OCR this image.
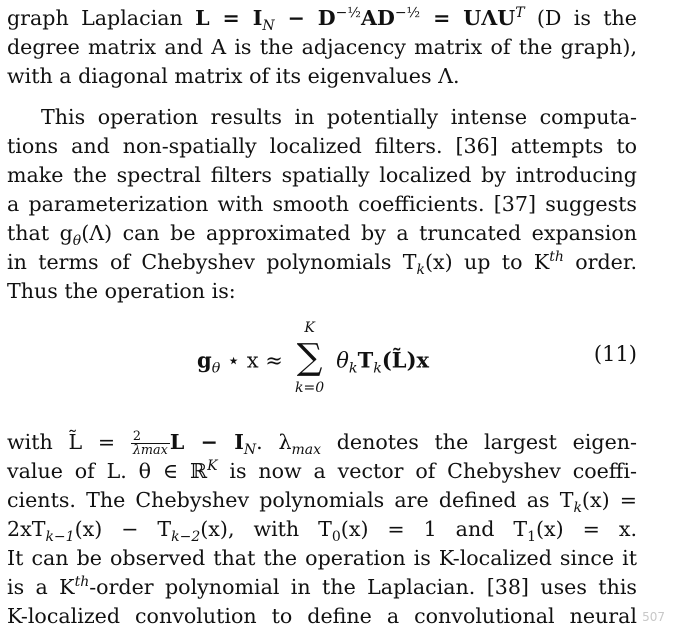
graph Laplacian $L = I_N - D^{-\frac{1}{2}}AD^{-\frac{1}{2}} = U\Lambda U^T$ (D is the
degree matrix and A is the adjacency matrix of the graph),
with a diagonal matrix of its eigenvalues Λ.
This operation results in potentially intense computa-
tions and non-spatially localized filters. [36] attempts to
make the spectral filters spatially localized by introducing
a parameterization with smooth coefficients. [37] suggests
that $g_\theta(\Lambda)$ can be approximated by a truncated expansion
in terms of Chebyshev polynomials $T_k(x)$ up to $K^{th}$ order.
Thus the operation is:
$g_\theta$ ⋆ x ≈
K
∑
k=0
$\theta_kT_k(L̃)x$	(11)
with L̃ = $\frac{2}{\lambda\max}$ $L - I_N$. $\lambda_{max}$ denotes the largest eigen-
value of L. θ ∈ ℝ$^K$ is now a vector of Chebyshev coeffi-
cients. The Chebyshev polynomials are defined as $T_k(x)$ =
$2xT_{k-1}(x) - T_{k-2}(x)$, with $T_0(x) = 1$ and $T_1(x) = x$.
It can be observed that the operation is K-localized since it
is a $K^{th}$-order polynomial in the Laplacian. [38] uses this
K-localized convolution to define a convolutional neural 507
